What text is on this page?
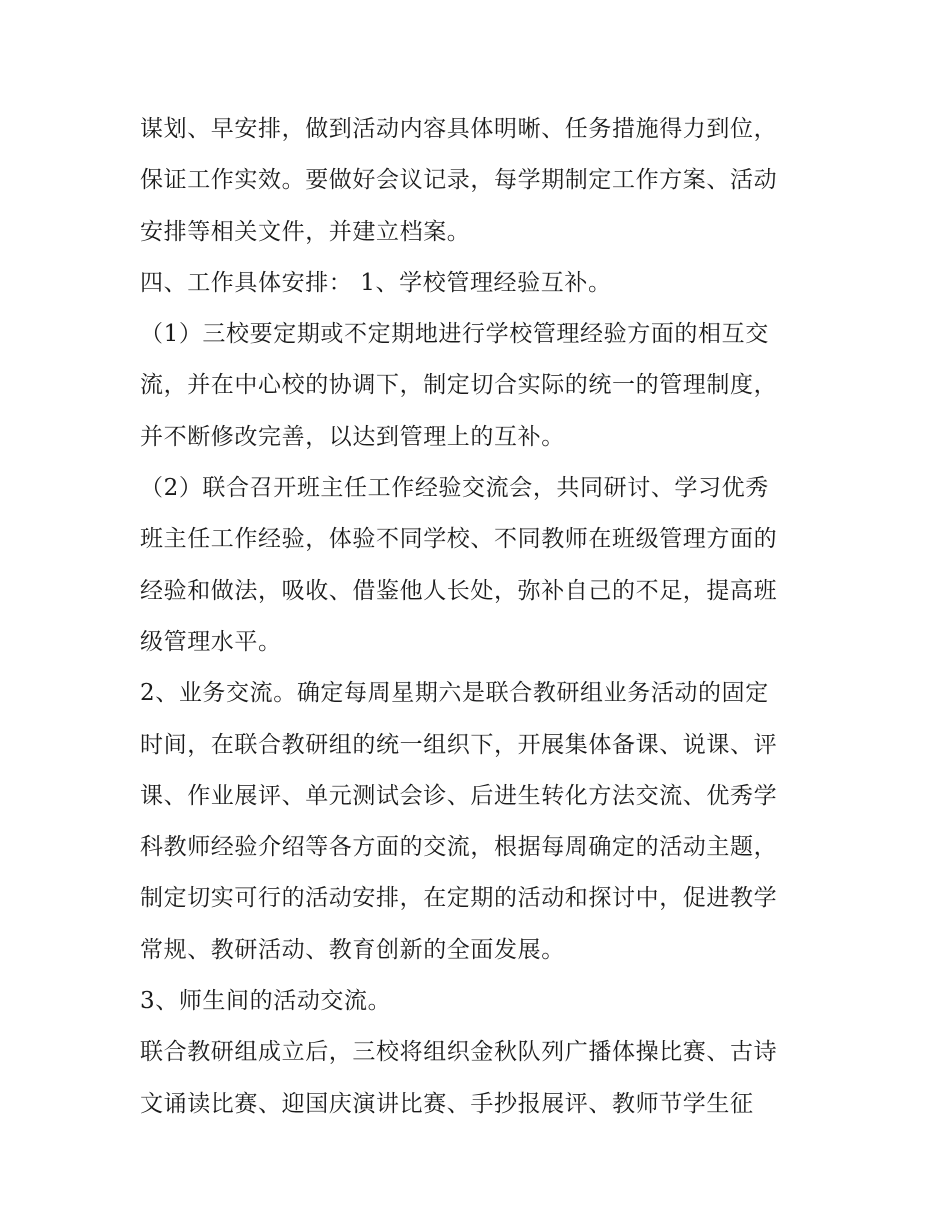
谋划、早安排，做到活动内容具体明晰、任务措施得力到位，
保证工作实效。要做好会议记录，每学期制定工作方案、活动
安排等相关文件，并建立档案。
四、工作具体安排： 1、学校管理经验互补。
（1）三校要定期或不定期地进行学校管理经验方面的相互交
流，并在中心校的协调下，制定切合实际的统一的管理制度，
并不断修改完善，以达到管理上的互补。
（2）联合召开班主任工作经验交流会，共同研讨、学习优秀
班主任工作经验，体验不同学校、不同教师在班级管理方面的
经验和做法，吸收、借鉴他人长处，弥补自己的不足，提高班
级管理水平。
2、业务交流。确定每周星期六是联合教研组业务活动的固定
时间，在联合教研组的统一组织下，开展集体备课、说课、评
课、作业展评、单元测试会诊、后进生转化方法交流、优秀学
科教师经验介绍等各方面的交流，根据每周确定的活动主题，
制定切实可行的活动安排，在定期的活动和探讨中，促进教学
常规、教研活动、教育创新的全面发展。
3、师生间的活动交流。
联合教研组成立后，三校将组织金秋队列广播体操比赛、古诗
文诵读比赛、迎国庆演讲比赛、手抄报展评、教师节学生征
